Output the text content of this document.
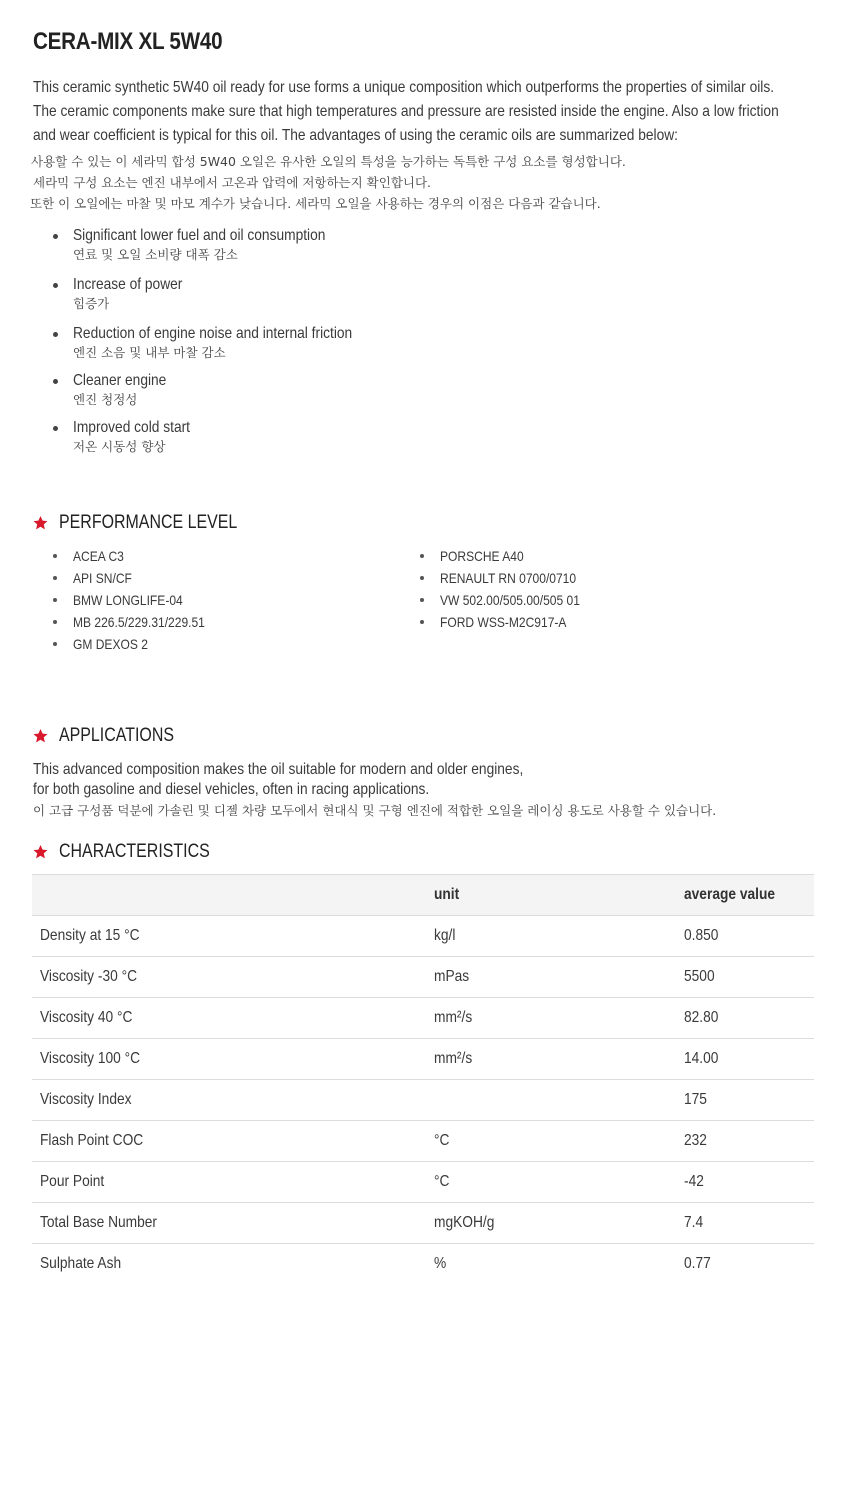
CERA-MIX XL 5W40
This ceramic synthetic 5W40 oil ready for use forms a unique composition which outperforms the properties of similar oils.
The ceramic components make sure that high temperatures and pressure are resisted inside the engine. Also a low friction
and wear coefficient is typical for this oil. The advantages of using the ceramic oils are summarized below:
사용할 수 있는 이 세라믹 합성 5W40 오일은 유사한 오일의 특성을 능가하는 독특한 구성 요소를 형성합니다.
세라믹 구성 요소는 엔진 내부에서 고온과 압력에 저항하는지 확인합니다.
또한 이 오일에는 마찰 및 마모 계수가 낮습니다. 세라믹 오일을 사용하는 경우의 이점은 다음과 같습니다.
Significant lower fuel and oil consumption
연료 및 오일 소비량 대폭 감소
Increase of power
힘증가
Reduction of engine noise and internal friction
엔진 소음 및 내부 마찰 감소
Cleaner engine
엔진 청정성
Improved cold start
저온 시동성 향상
PERFORMANCE LEVEL
ACEA C3
API SN/CF
BMW LONGLIFE-04
MB 226.5/229.31/229.51
GM DEXOS 2
PORSCHE A40
RENAULT RN 0700/0710
VW 502.00/505.00/505 01
FORD WSS-M2C917-A
APPLICATIONS
This advanced composition makes the oil suitable for modern and older engines,
for both gasoline and diesel vehicles, often in racing applications.
이 고급 구성품 덕분에 가솔린 및 디젤 차량 모두에서 현대식 및 구형 엔진에 적합한 오일을 레이싱 용도로 사용할 수 있습니다.
CHARACTERISTICS
	unit	average value
Density at 15 °C	kg/l	0.850
Viscosity -30 °C	mPas	5500
Viscosity 40 °C	mm²/s	82.80
Viscosity 100 °C	mm²/s	14.00
Viscosity Index		175
Flash Point COC	°C	232
Pour Point	°C	-42
Total Base Number	mgKOH/g	7.4
Sulphate Ash	%	0.77
